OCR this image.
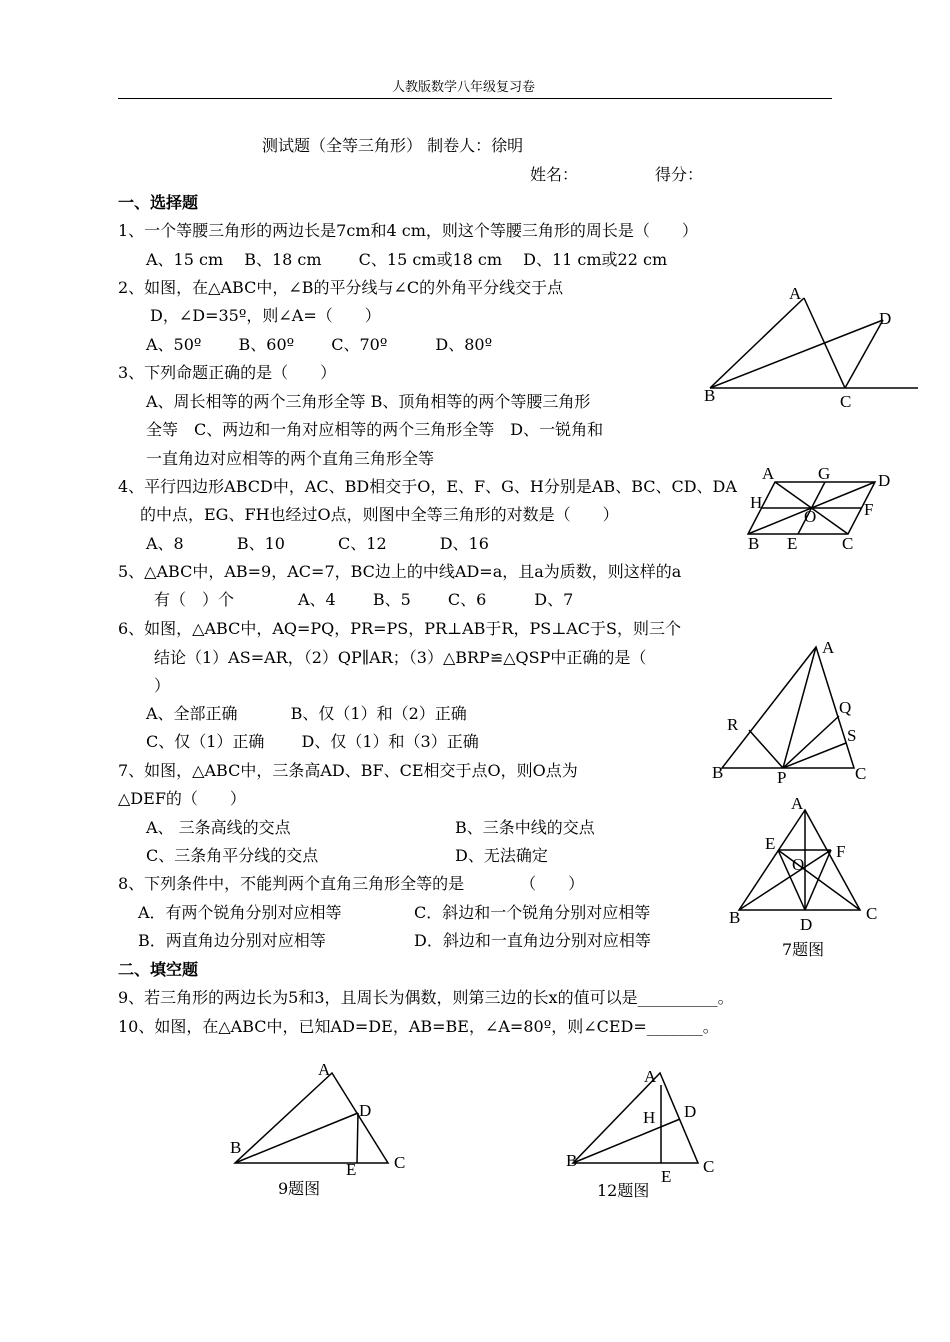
人教版数学八年级复习卷
测试题（全等三角形） 制卷人：徐明
姓名：	得分：
一、选择题
1、一个等腰三角形的两边长是7cm和4 cm，则这个等腰三角形的周长是（　　）
A、15 cm　 B、18 cm　　 C、15 cm或18 cm　 D、11 cm或22 cm
2、如图，在△ABC中，∠B的平分线与∠C的外角平分线交于点
D，∠D=35º，则∠A=（　　）
A、50º　　 B、60º　　 C、70º　　　D、80º
3、下列命题正确的是（　　）
A、周长相等的两个三角形全等 B、顶角相等的两个等腰三角形
全等　C、两边和一角对应相等的两个三角形全等　D、一锐角和
一直角边对应相等的两个直角三角形全等
4、平行四边形ABCD中，AC、BD相交于O，E、F、G、H分别是AB、BC、CD、DA
的中点，EG、FH也经过O点，则图中全等三角形的对数是（　　）
A、8　　　 B、10　　　 C、12　　　 D、16
5、△ABC中，AB=9，AC=7，BC边上的中线AD=a，且a为质数，则这样的a
有（　）个　　　　A、4　　 B、5　　 C、6　　　D、7
6、如图，△ABC中，AQ=PQ，PR=PS，PR⊥AB于R，PS⊥AC于S，则三个
结论（1）AS=AR，（2）QP∥AR；（3）△BRP≌△QSP中正确的是（
）
A、全部正确　　　 B、仅（1）和（2）正确
C、仅（1）正确　　 D、仅（1）和（3）正确
7、如图，△ABC中，三条高AD、BF、CE相交于点O，则O点为
△DEF的（　　）
A、 三条高线的交点	B、三条中线的交点
C、三条角平分线的交点	D、无法确定
8、下列条件中，不能判两个直角三角形全等的是　　　　（　　）
A．有两个锐角分别对应相等	C．斜边和一个锐角分别对应相等
B．两直角边分别对应相等	D．斜边和一直角边分别对应相等
二、填空题
9、若三角形的两边长为5和3，且周长为偶数，则第三边的长x的值可以是__________。
10、如图，在△ABC中，已知AD=DE，AB=BE，∠A=80º，则∠CED=_______。
A
D
B	C
A	G	D
H
O	F
B E	C
A
Q
R
S
B	P	C
A
E	F
O
B	D
C
7题图
A
D
B
E C
9题图
A
H D
B
E
C
12题图
